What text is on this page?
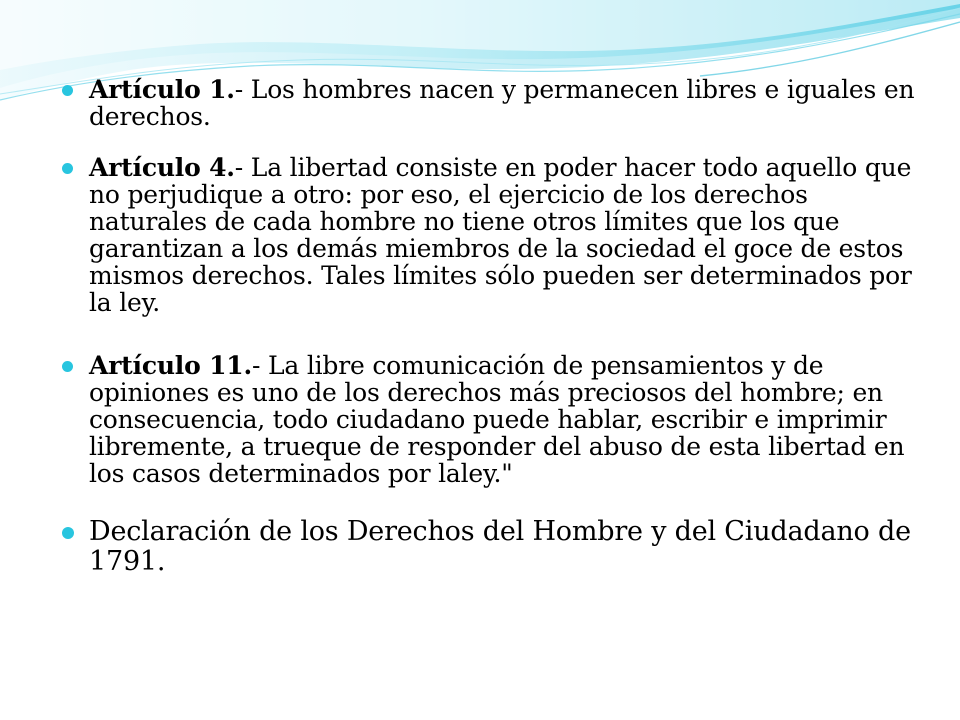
Artículo 1.- Los hombres nacen y permanecen libres e iguales en derechos.
Artículo 4.- La libertad consiste en poder hacer todo aquello que no perjudique a otro: por eso, el ejercicio de los derechos naturales de cada hombre no tiene otros límites que los que garantizan a los demás miembros de la sociedad el goce de estos mismos derechos. Tales límites sólo pueden ser determinados por la ley.
Artículo 11.- La libre comunicación de pensamientos y de opiniones es uno de los derechos más preciosos del hombre; en consecuencia, todo ciudadano puede hablar, escribir e imprimir libremente, a trueque de responder del abuso de esta libertad en los casos determinados por laley."
Declaración de los Derechos del Hombre y del Ciudadano de 1791.
